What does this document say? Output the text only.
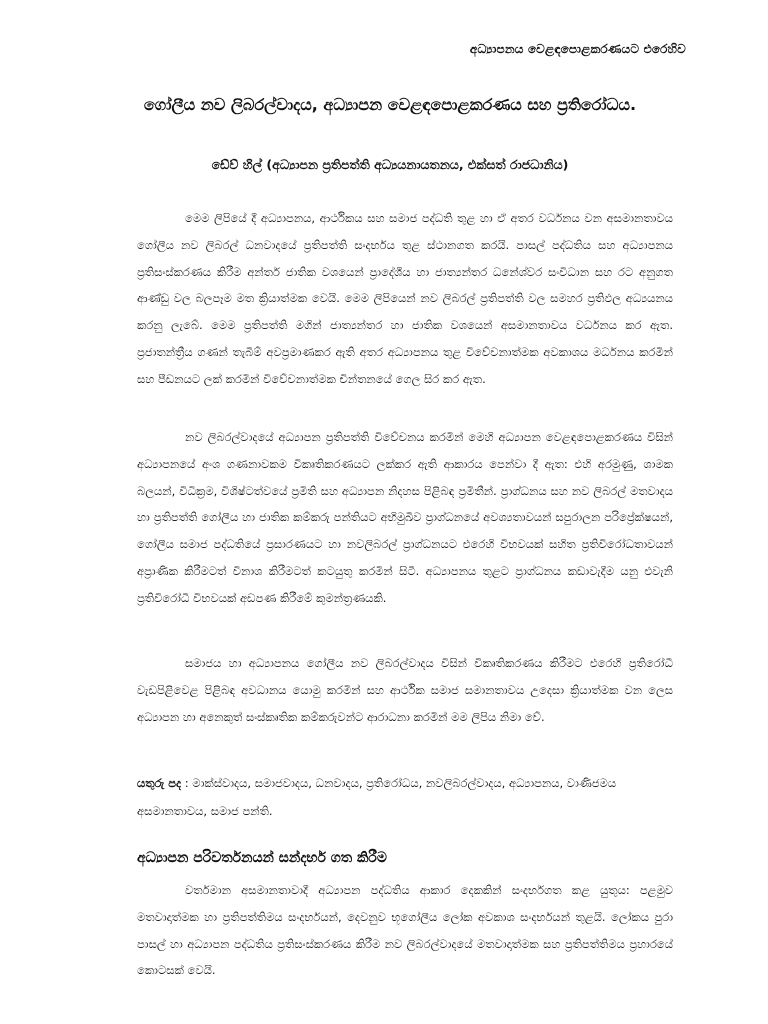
අධ්‍යාපනය වෙළඳපොළකරණයට එරෙහිව
ගෝලීය නව ලිබරල්වාදය, අධ්‍යාපන වෙළඳපොළකරණය සහ ප්‍රතිරෝධය.
ඩේව් හිල් (අධ්‍යාපන ප්‍රතිපත්ති අධ්‍යයනායතනය, එක්සත් රාජධානිය)

මෙම ලිපියේ දී අධ්‍යාපනය, ආර්ථිකය සහ සමාජ පද්ධති තුළ හා ඒ අතර වර්ධනය වන අසමානතාවය ගෝලීය නව ලිබරල් ධනවාදයේ ප්‍රතිපත්ති සංදර්භය තුළ ස්ථානගත කරයි. පාසල් පද්ධතිය සහ අධ්‍යාපනය ප්‍රතිසංස්කරණය කිරීම අන්තර් ජාතික වශයෙන් ප්‍රාදේශීය හා ජාත්‍යන්තර ධනේශ්වර සංවිධාන සහ රට අනුගත ආණ්ඩු වල බලපෑම මත ක්‍රියාත්මක වෙයි. මෙම ලිපියෙන් නව ලිබරල් ප්‍රතිපත්ති වල සමහර ප්‍රතිඵල අධ්‍යයනය කරනු ලැබේ. මෙම ප්‍රතිපත්ති මගින් ජාත්‍යන්තර හා ජාතික වශයෙන් අසමානතාවය වර්ධනය කර ඇත. ප්‍රජාතන්ත්‍රීය ගණන් තැබීම් අවප්‍රමාණකර ඇති අතර අධ්‍යාපනය තුළ විවේචනාත්මක අවකාශය මර්ධනය කරමින් සහ පීඩනයට ලක් කරමින් විවේචනාත්මක චින්තනයේ ගෙල සිර කර ඇත.

නව ලිබරල්වාදයේ අධ්‍යාපන ප්‍රතිපත්ති විවේචනය කරමින් මෙහි අධ්‍යාපන වෙළඳපොළකරණය විසින් අධ්‍යාපනයේ අංශ ගණනාවකම විකෘතිකරණයට ලක්කර ඇති ආකාරය පෙන්වා දී ඇත: එහි අරමුණු, ශාමක බලයන්, විධික්‍රම, විශිෂ්ටත්වයේ ප්‍රමිති සහ අධ්‍යාපන නිදහස පිළිබඳ ප්‍රමිතීන්. ප්‍රාග්ධනය සහ නව ලිබරල් මතවාදය හා ප්‍රතිපත්ති ගෝලීය හා ජාතික කම්කරු පන්තියට අභිමුඛීව ප්‍රාග්ධනයේ අවශ්‍යතාවයන් සපුරාලන පරිප්‍රේක්ෂයන්, ගෝලීය සමාජ පද්ධතියේ ප්‍රසාරණයට හා නවලිබරල් ප්‍රාග්ධනයට එරෙහි විභවයක් සහිත ප්‍රතිවිරෝධතාවයන් අප්‍රාණික කිරීමටත් විනාශ කිරීමටත් කටයුතු කරමින් සිටී. අධ්‍යාපනය තුළට ප්‍රාග්ධනය කඩාවැදීම යනු එවැනි ප්‍රතිවිරෝධී විභවයක් අඩපණ කිරීමේ කුමන්ත්‍රණයකි.

සමාජය හා අධ්‍යාපනය ගෝලීය නව ලිබරල්වාදය විසින් විකෘතිකරණය කිරීමට එරෙහි ප්‍රතිරෝධී වැඩපිළිවෙළ පිළිබඳ අවධානය යොමු කරමින් සහ ආර්ථික සමාජ සමානතාවය උදෙසා ක්‍රියාත්මක වන ලෙස අධ්‍යාපන හා අනෙකුත් සංස්කෘතික කම්කරුවන්ට ආරාධනා කරමින් මම ලිපිය නිමා වේ.

යතුරු පද : මාක්ස්වාදය, සමාජවාදය, ධනවාදය, ප්‍රතිරෝධය, නවලිබරල්වාදය, අධ්‍යාපනය, වාණිජමය අසමානතාවය, සමාජ පන්ති.

අධ්‍යාපන පරිවර්තනයන් සන්දර්භ ගත කිරීම

වර්තමාන අසමානතාවාදී අධ්‍යාපන පද්ධතිය ආකාර දෙකකින් සංදර්භගත කළ යුතුය: පළමුව මතවාදාත්මක හා ප්‍රතිපත්තිමය සංදර්භයන්, දෙවනුව භූගෝලීය ලෝක අවකාශ සංදර්භයන් තුළයි. ලෝකය පුරා පාසල් හා අධ්‍යාපන පද්ධතිය ප්‍රතිසංස්කරණය කිරීම නව ලිබරල්වාදයේ මතවාදාත්මක සහ ප්‍රතිපත්තිමය ප්‍රහාරයේ කොටසක් වෙයි.
